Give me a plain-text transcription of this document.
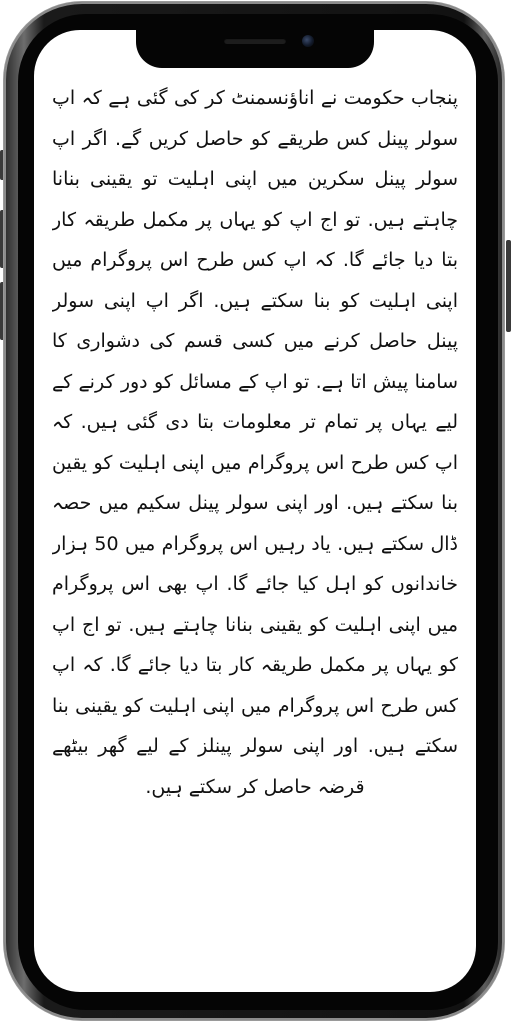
پنجاب حکومت نے اناؤنسمنٹ کر کی گئی ہے کہ اپ سولر پینل کس طریقے کو حاصل کریں گے. اگر اپ سولر پینل سکرین میں اپنی اہلیت تو یقینی بنانا چاہتے ہیں. تو اج اپ کو یہاں پر مکمل طریقہ کار بتا دیا جائے گا. کہ اپ کس طرح اس پروگرام میں اپنی اہلیت کو بنا سکتے ہیں. اگر اپ اپنی سولر پینل حاصل کرنے میں کسی قسم کی دشواری کا سامنا پیش اتا ہے. تو اپ کے مسائل کو دور کرنے کے لیے یہاں پر تمام تر معلومات بتا دی گئی ہیں. کہ اپ کس طرح اس پروگرام میں اپنی اہلیت کو یقین بنا سکتے ہیں. اور اپنی سولر پینل سکیم میں حصہ ڈال سکتے ہیں. یاد رہیں اس پروگرام میں 50 ہزار خاندانوں کو اہل کیا جائے گا. اپ بھی اس پروگرام میں اپنی اہلیت کو یقینی بنانا چاہتے ہیں. تو اج اپ کو یہاں پر مکمل طریقہ کار بتا دیا جائے گا. کہ اپ کس طرح اس پروگرام میں اپنی اہلیت کو یقینی بنا سکتے ہیں. اور اپنی سولر پینلز کے لیے گھر بیٹھے قرضہ حاصل کر سکتے ہیں.
